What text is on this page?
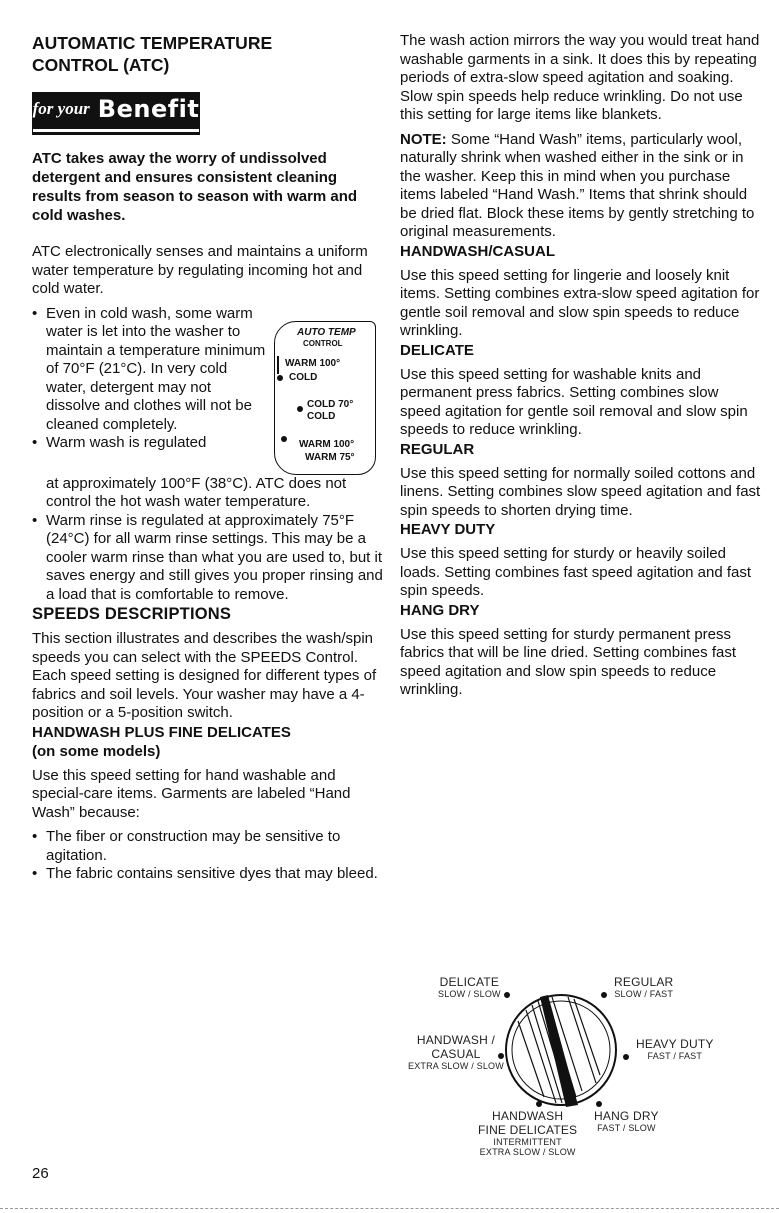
AUTOMATIC TEMPERATURE
CONTROL (ATC)
for your Benefit
ATC takes away the worry of undissolved detergent and ensures consistent cleaning results from season to season with warm and cold washes.

ATC electronically senses and maintains a uniform water temperature by regulating incoming hot and cold water.

• Even in cold wash, some warm water is let into the washer to maintain a temperature minimum of 70°F (21°C). In very cold water, detergent may not dissolve and clothes will not be cleaned completely.
• Warm wash is regulated
AUTO TEMP
CONTROL
WARM 100°
COLD
COLD 70°
COLD
WARM 100°
WARM 75°
at approximately 100°F (38°C). ATC does not control the hot wash water temperature.
• Warm rinse is regulated at approximately 75°F (24°C) for all warm rinse settings. This may be a cooler warm rinse than what you are used to, but it saves energy and still gives you proper rinsing and a load that is comfortable to remove.
SPEEDS DESCRIPTIONS

This section illustrates and describes the wash/spin speeds you can select with the SPEEDS Control. Each speed setting is designed for different types of fabrics and soil levels. Your washer may have a 4-position or a 5-position switch.

HANDWASH PLUS FINE DELICATES
(on some models)

Use this speed setting for hand washable and special-care items. Garments are labeled “Hand Wash” because:

• The fiber or construction may be sensitive to agitation.
• The fabric contains sensitive dyes that may bleed.

The wash action mirrors the way you would treat hand washable garments in a sink. It does this by repeating periods of extra-slow speed agitation and soaking. Slow spin speeds help reduce wrinkling. Do not use this setting for large items like blankets.

NOTE: Some “Hand Wash” items, particularly wool, naturally shrink when washed either in the sink or in the washer. Keep this in mind when you purchase items labeled “Hand Wash.” Items that shrink should be dried flat. Block these items by gently stretching to original measurements.

HANDWASH/CASUAL

Use this speed setting for lingerie and loosely knit items. Setting combines extra-slow speed agitation for gentle soil removal and slow spin speeds to reduce wrinkling.

DELICATE

Use this speed setting for washable knits and permanent press fabrics. Setting combines slow speed agitation for gentle soil removal and slow spin speeds to reduce wrinkling.

REGULAR

Use this speed setting for normally soiled cottons and linens. Setting combines slow speed agitation and fast spin speeds to shorten drying time.

HEAVY DUTY

Use this speed setting for sturdy or heavily soiled loads. Setting combines fast speed agitation and fast spin speeds.

HANG DRY

Use this speed setting for sturdy permanent press fabrics that will be line dried. Setting combines fast speed agitation and slow spin speeds to reduce wrinkling.

DELICATE
SLOW / SLOW
REGULAR
SLOW / FAST
HANDWASH /
CASUAL
EXTRA SLOW / SLOW
HEAVY DUTY
FAST / FAST
HANDWASH
FINE DELICATES
INTERMITTENT
EXTRA SLOW / SLOW
HANG DRY
FAST / SLOW
26
